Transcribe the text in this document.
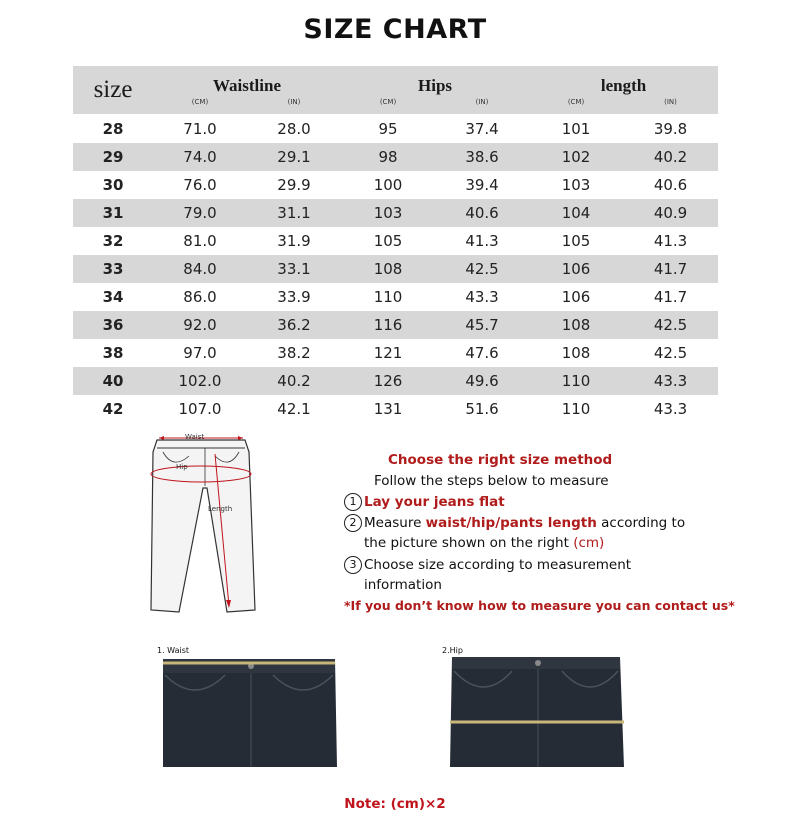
SIZE CHART
size	Waistline		Hips		length	
	(CM)	(IN)	(CM)	(IN)	(CM)	(IN)

28	71.0	28.0	95	37.4	101	39.8
29	74.0	29.1	98	38.6	102	40.2
30	76.0	29.9	100	39.4	103	40.6
31	79.0	31.1	103	40.6	104	40.9
32	81.0	31.9	105	41.3	105	41.3
33	84.0	33.1	108	42.5	106	41.7
34	86.0	33.9	110	43.3	106	41.7
36	92.0	36.2	116	45.7	108	42.5
38	97.0	38.2	121	47.6	108	42.5
40	102.0	40.2	126	49.6	110	43.3
42	107.0	42.1	131	51.6	110	43.3
Waist
Hip
Length
Choose the right size method
Follow the steps below to measure
1 Lay your jeans flat
2 Measure waist/hip/pants length according to
the picture shown on the right (cm)
3 Choose size according to measurement
information
*If you don’t know how to measure you can contact us*
1. Waist	2.Hip
Note: (cm)×2
